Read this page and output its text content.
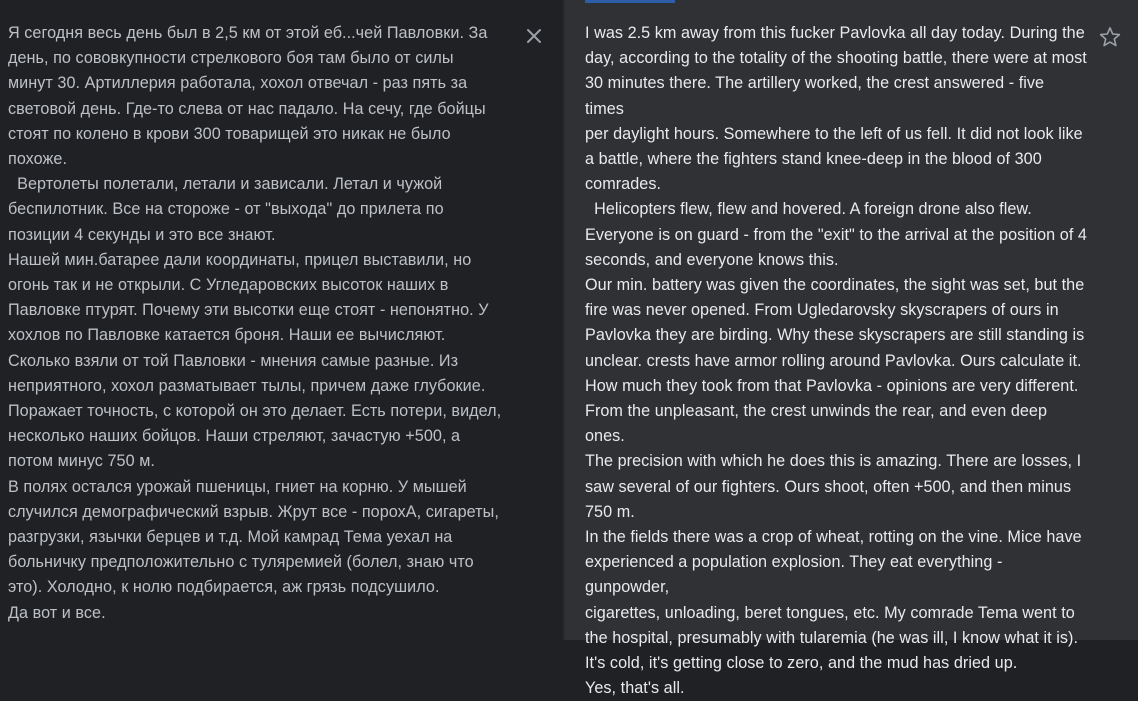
Я сегодня весь день был в 2,5 км от этой еб...чей Павловки. За
день, по сововкупности стрелкового боя там было от силы
минут 30. Артиллерия работала, хохол отвечал - раз пять за
световой день. Где-то слева от нас падало. На сечу, где бойцы
стоят по колено в крови 300 товарищей это никак не было
похоже.
Вертолеты полетали, летали и зависали. Летал и чужой
беспилотник. Все на стороже - от "выхода" до прилета по
позиции 4 секунды и это все знают.
Нашей мин.батарее дали координаты, прицел выставили, но
огонь так и не открыли. С Угледаровских высоток наших в
Павловке птурят. Почему эти высотки еще стоят - непонятно. У
хохлов по Павловке катается броня. Наши ее вычисляют.
Сколько взяли от той Павловки - мнения самые разные. Из
неприятного, хохол разматывает тылы, причем даже глубокие.
Поражает точность, с которой он это делает. Есть потери, видел,
несколько наших бойцов. Наши стреляют, зачастую +500, а
потом минус 750 м.
В полях остался урожай пшеницы, гниет на корню. У мышей
случился демографический взрыв. Жрут все - порохА, сигареты,
разгрузки, язычки берцев и т.д. Мой камрад Тема уехал на
больничку предположительно с туляремией (болел, знаю что
это). Холодно, к нолю подбирается, аж грязь подсушило.
Да вот и все.
I was 2.5 km away from this fucker Pavlovka all day today. During the
day, according to the totality of the shooting battle, there were at most
30 minutes there. The artillery worked, the crest answered - five times
per daylight hours. Somewhere to the left of us fell. It did not look like
a battle, where the fighters stand knee-deep in the blood of 300
comrades.
Helicopters flew, flew and hovered. A foreign drone also flew.
Everyone is on guard - from the "exit" to the arrival at the position of 4
seconds, and everyone knows this.
Our min. battery was given the coordinates, the sight was set, but the
fire was never opened. From Ugledarovsky skyscrapers of ours in
Pavlovka they are birding. Why these skyscrapers are still standing is
unclear. crests have armor rolling around Pavlovka. Ours calculate it.
How much they took from that Pavlovka - opinions are very different.
From the unpleasant, the crest unwinds the rear, and even deep ones.
The precision with which he does this is amazing. There are losses, I
saw several of our fighters. Ours shoot, often +500, and then minus
750 m.
In the fields there was a crop of wheat, rotting on the vine. Mice have
experienced a population explosion. They eat everything - gunpowder,
cigarettes, unloading, beret tongues, etc. My comrade Tema went to
the hospital, presumably with tularemia (he was ill, I know what it is).
It's cold, it's getting close to zero, and the mud has dried up.
Yes, that's all.
